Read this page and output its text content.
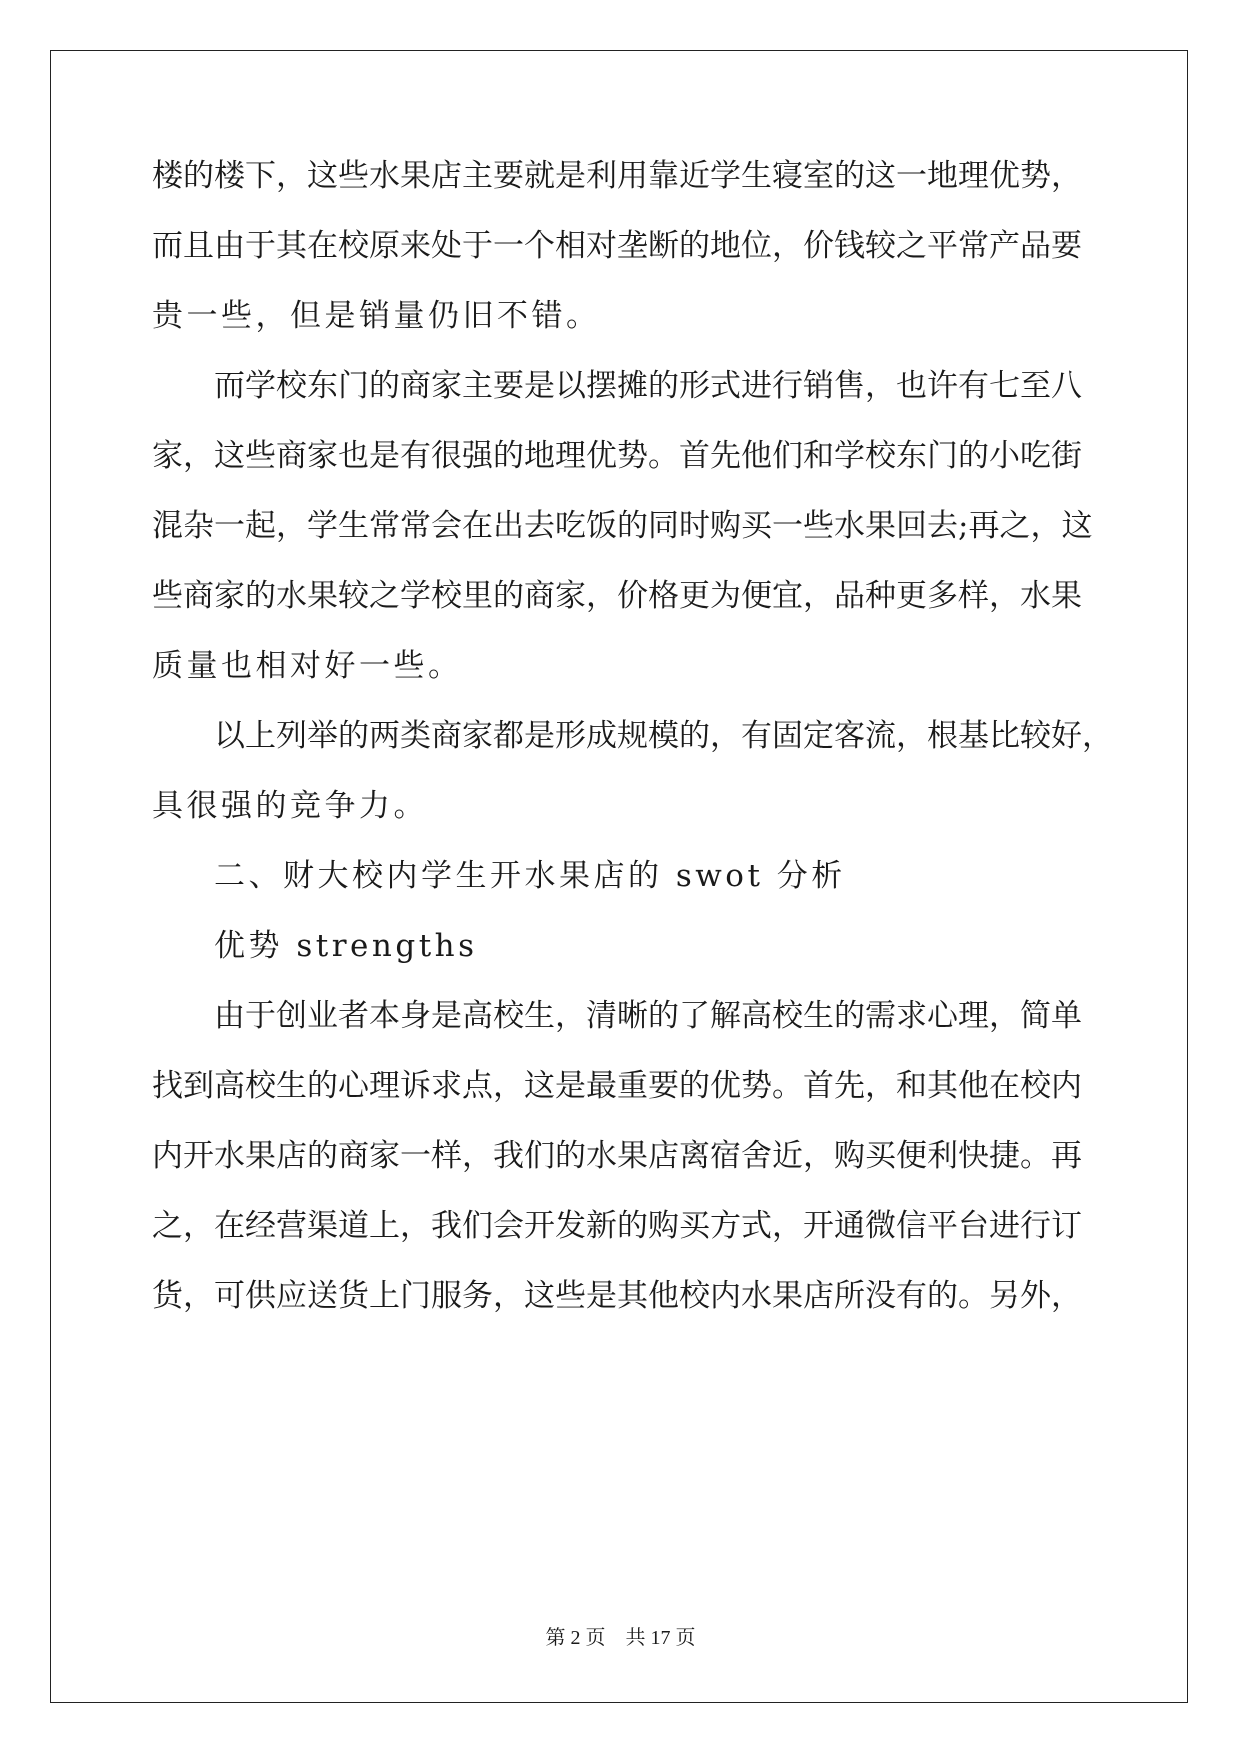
楼的楼下，这些水果店主要就是利用靠近学生寝室的这一地理优势，
而且由于其在校原来处于一个相对垄断的地位，价钱较之平常产品要
贵一些，但是销量仍旧不错。
而学校东门的商家主要是以摆摊的形式进行销售，也许有七至八
家，这些商家也是有很强的地理优势。首先他们和学校东门的小吃街
混杂一起，学生常常会在出去吃饭的同时购买一些水果回去;再之，这
些商家的水果较之学校里的商家，价格更为便宜，品种更多样，水果
质量也相对好一些。
以上列举的两类商家都是形成规模的，有固定客流，根基比较好，
具很强的竞争力。
二、财大校内学生开水果店的 swot 分析
优势 strengths
由于创业者本身是高校生，清晰的了解高校生的需求心理，简单
找到高校生的心理诉求点，这是最重要的优势。首先，和其他在校内
内开水果店的商家一样，我们的水果店离宿舍近，购买便利快捷。再
之，在经营渠道上，我们会开发新的购买方式，开通微信平台进行订
货，可供应送货上门服务，这些是其他校内水果店所没有的。另外，
第 2 页    共 17 页
